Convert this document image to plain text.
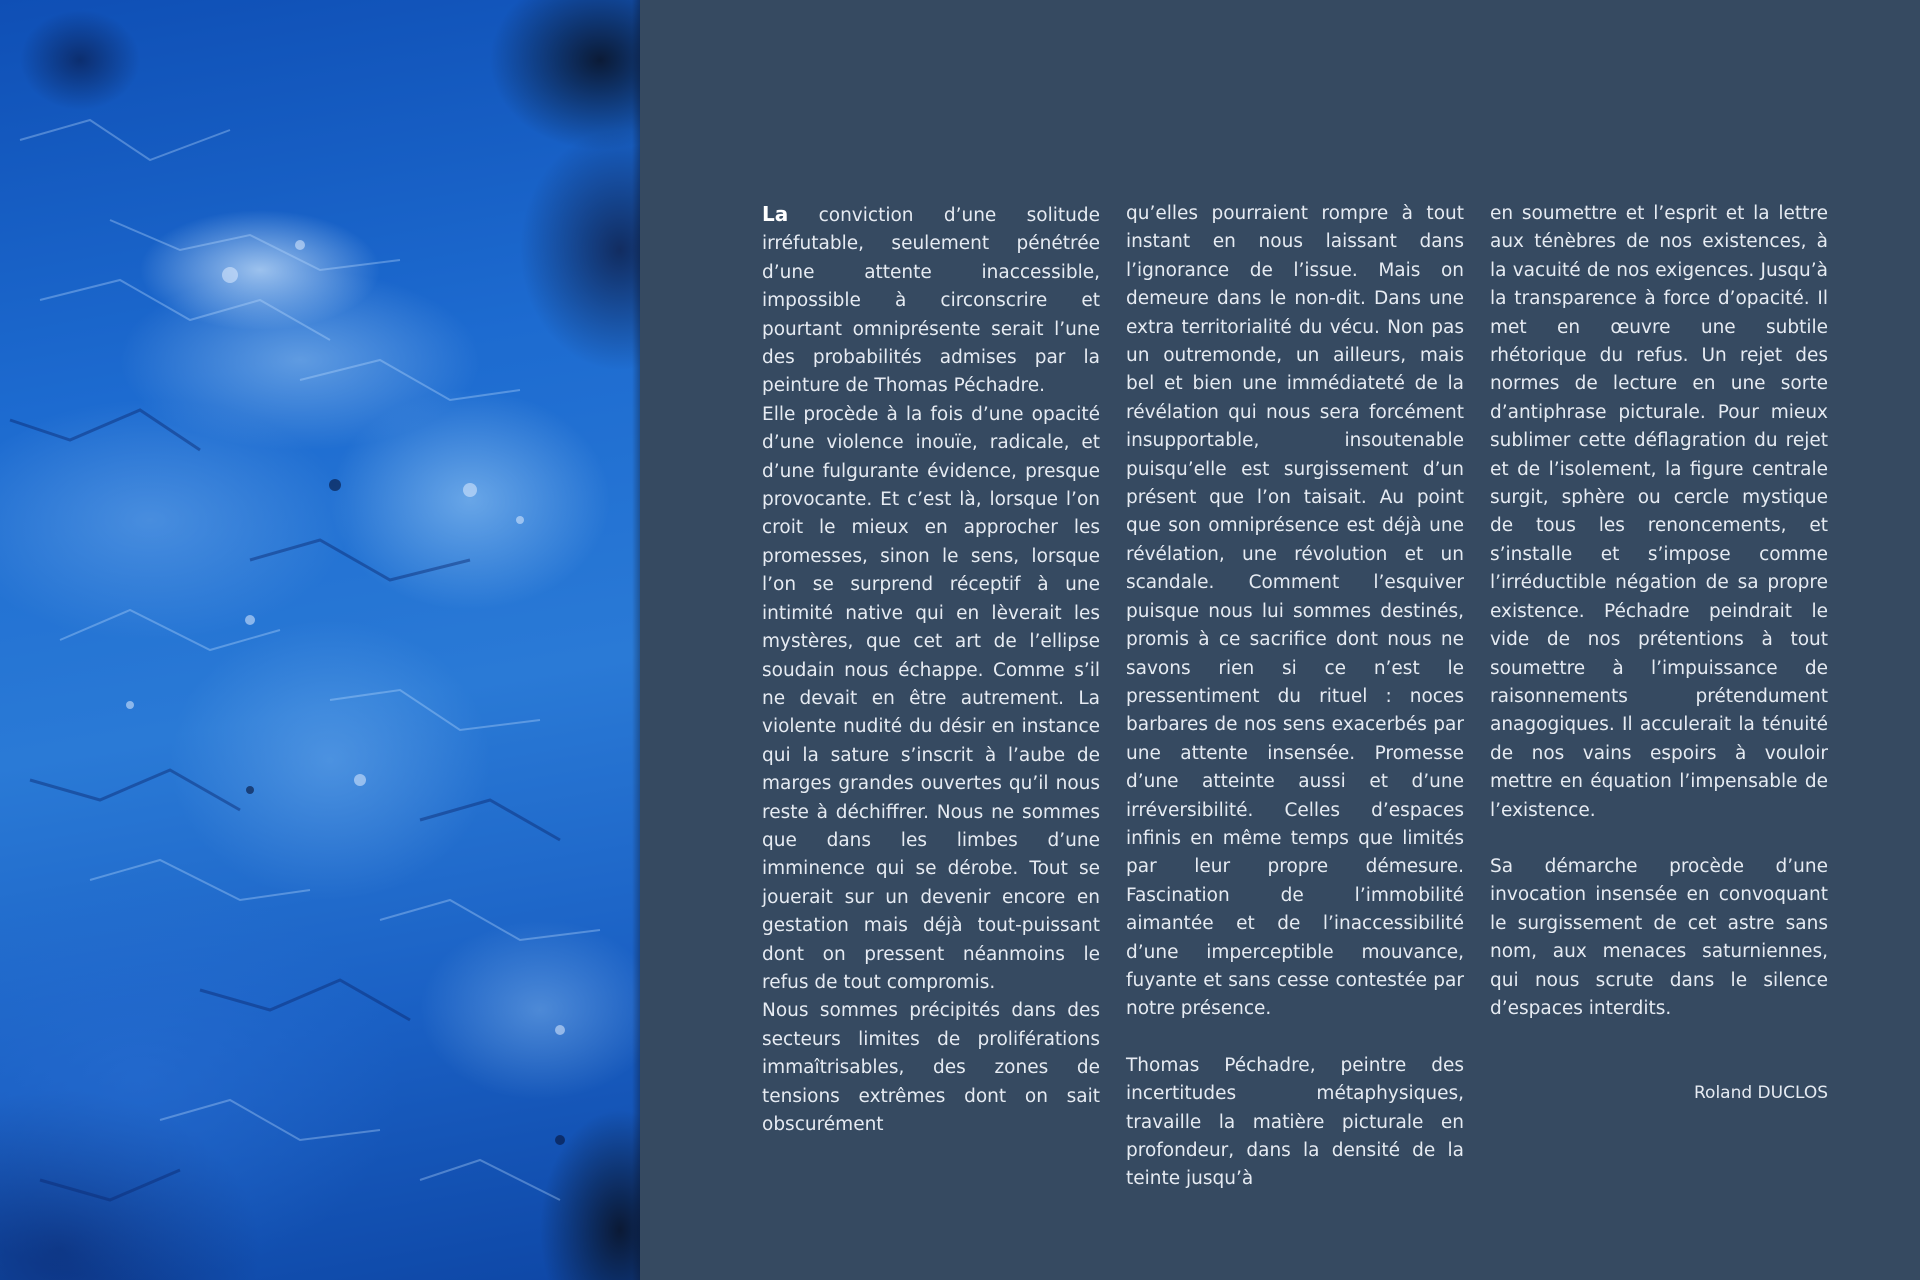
La conviction d’une solitude irréfutable, seulement pénétrée d’une attente inaccessible, impossible à circonscrire et pourtant omniprésente serait l’une des probabilités admises par la peinture de Thomas Péchadre.

Elle procède à la fois d’une opacité d’une violence inouïe, radicale, et d’une fulgurante évidence, presque provocante. Et c’est là, lorsque l’on croit le mieux en approcher les promesses, sinon le sens, lorsque l’on se surprend réceptif à une intimité native qui en lèverait les mystères, que cet art de l’ellipse soudain nous échappe. Comme s’il ne devait en être autrement. La violente nudité du désir en instance qui la sature s’inscrit à l’aube de marges grandes ouvertes qu’il nous reste à déchiffrer. Nous ne sommes que dans les limbes d’une imminence qui se dérobe. Tout se jouerait sur un devenir encore en gestation mais déjà tout-puissant dont on pressent néanmoins le refus de tout compromis.

Nous sommes précipités dans des secteurs limites de proliférations immaîtrisables, des zones de tensions extrêmes dont on sait obscurément

qu’elles pourraient rompre à tout instant en nous laissant dans l’ignorance de l’issue. Mais on demeure dans le non-dit. Dans une extra territorialité du vécu. Non pas un outremonde, un ailleurs, mais bel et bien une immédiateté de la révélation qui nous sera forcément insupportable, insoutenable puisqu’elle est surgissement d’un présent que l’on taisait. Au point que son omniprésence est déjà une révélation, une révolution et un scandale. Comment l’esquiver puisque nous lui sommes destinés, promis à ce sacrifice dont nous ne savons rien si ce n’est le pressentiment du rituel : noces barbares de nos sens exacerbés par une attente insensée. Promesse d’une atteinte aussi et d’une irréversibilité. Celles d’espaces infinis en même temps que limités par leur propre démesure. Fascination de l’immobilité aimantée et de l’inaccessibilité d’une imperceptible mouvance, fuyante et sans cesse contestée par notre présence.

Thomas Péchadre, peintre des incertitudes métaphysiques, travaille la matière picturale en profondeur, dans la densité de la teinte jusqu’à

en soumettre et l’esprit et la lettre aux ténèbres de nos existences, à la vacuité de nos exigences. Jusqu’à la transparence à force d’opacité. Il met en œuvre une subtile rhétorique du refus. Un rejet des normes de lecture en une sorte d’antiphrase picturale. Pour mieux sublimer cette déflagration du rejet et de l’isolement, la figure centrale surgit, sphère ou cercle mystique de tous les renoncements, et s’installe et s’impose comme l’irréductible négation de sa propre existence. Péchadre peindrait le vide de nos prétentions à tout soumettre à l’impuissance de raisonnements prétendument anagogiques. Il acculerait la ténuité de nos vains espoirs à vouloir mettre en équation l’impensable de l’existence.

Sa démarche procède d’une invocation insensée en convoquant le surgissement de cet astre sans nom, aux menaces saturniennes, qui nous scrute dans le silence d’espaces interdits.

Roland DUCLOS
